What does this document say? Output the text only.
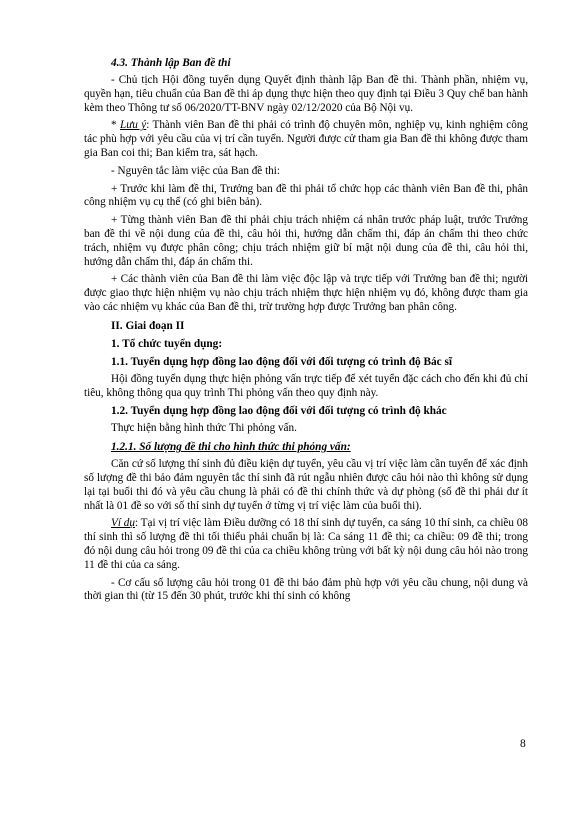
4.3. Thành lập Ban đề thi

- Chủ tịch Hội đồng tuyển dụng Quyết định thành lập Ban đề thi. Thành phần, nhiệm vụ, quyền hạn, tiêu chuẩn của Ban đề thi áp dụng thực hiện theo quy định tại Điều 3 Quy chế ban hành kèm theo Thông tư số 06/2020/TT-BNV ngày 02/12/2020 của Bộ Nội vụ.

* Lưu ý: Thành viên Ban đề thi phải có trình độ chuyên môn, nghiệp vụ, kinh nghiệm công tác phù hợp với yêu cầu của vị trí cần tuyển. Người được cử tham gia Ban đề thi không được tham gia Ban coi thi; Ban kiểm tra, sát hạch.

- Nguyên tắc làm việc của Ban đề thi:

+ Trước khi làm đề thi, Trưởng ban đề thi phải tổ chức họp các thành viên Ban đề thi, phân công nhiệm vụ cụ thể (có ghi biên bản).

+ Từng thành viên Ban đề thi phải chịu trách nhiệm cá nhân trước pháp luật, trước Trưởng ban đề thi về nội dung của đề thi, câu hỏi thi, hướng dẫn chấm thi, đáp án chấm thi theo chức trách, nhiệm vụ được phân công; chịu trách nhiệm giữ bí mật nội dung của đề thi, câu hỏi thi, hướng dẫn chấm thi, đáp án chấm thi.

+ Các thành viên của Ban đề thi làm việc độc lập và trực tiếp với Trưởng ban đề thi; người được giao thực hiện nhiệm vụ nào chịu trách nhiệm thực hiện nhiệm vụ đó, không được tham gia vào các nhiệm vụ khác của Ban đề thi, trừ trường hợp được Trưởng ban phân công.

II. Giai đoạn II
1. Tổ chức tuyển dụng:
1.1. Tuyển dụng hợp đồng lao động đối với đối tượng có trình độ Bác sĩ

Hội đồng tuyển dụng thực hiện phỏng vấn trực tiếp để xét tuyển đặc cách cho đến khi đủ chỉ tiêu, không thông qua quy trình Thi phỏng vấn theo quy định này.

1.2. Tuyển dụng hợp đồng lao động đối với đối tượng có trình độ khác

Thực hiện bằng hình thức Thi phỏng vấn.

1.2.1. Số lượng đề thi cho hình thức thi phỏng vấn:

Căn cứ số lượng thí sinh đủ điều kiện dự tuyển, yêu cầu vị trí việc làm cần tuyển để xác định số lượng đề thi bảo đảm nguyên tắc thí sinh đã rút ngẫu nhiên được câu hỏi nào thì không sử dụng lại tại buổi thi đó và yêu cầu chung là phải có đề thi chính thức và dự phòng (số đề thi phải dư ít nhất là 01 đề so với số thí sinh dự tuyển ở từng vị trí việc làm của buổi thi).

Ví dụ: Tại vị trí việc làm Điều dưỡng có 18 thí sinh dự tuyển, ca sáng 10 thí sinh, ca chiều 08 thí sinh thì số lượng đề thi tối thiểu phải chuẩn bị là: Ca sáng 11 đề thi; ca chiều: 09 đề thi; trong đó nội dung câu hỏi trong 09 đề thi của ca chiều không trùng với bất kỳ nội dung câu hỏi nào trong 11 đề thi của ca sáng.

- Cơ cấu số lượng câu hỏi trong 01 đề thi bảo đảm phù hợp với yêu cầu chung, nội dung và thời gian thi (từ 15 đến 30 phút, trước khi thí sinh có không

8
